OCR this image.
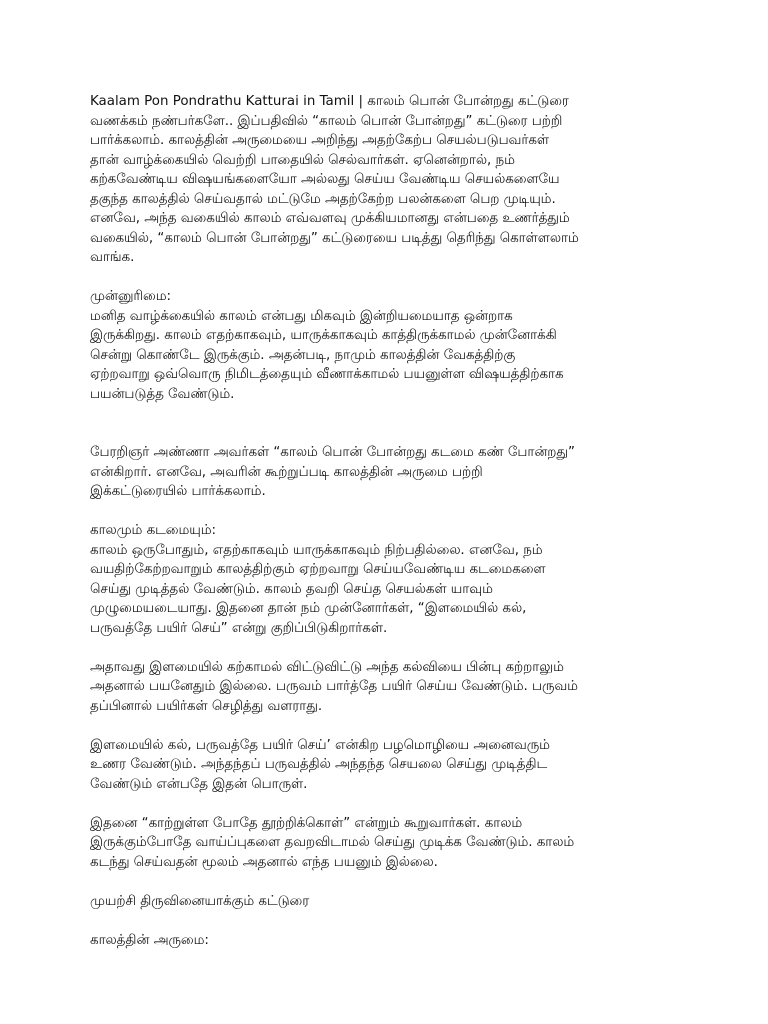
Kaalam Pon Pondrathu Katturai in Tamil | காலம் பொன் போன்றது கட்டுரை
வணக்கம் நண்பர்களே.. இப்பதிவில் “காலம் பொன் போன்றது” கட்டுரை பற்றி
பார்க்கலாம். காலத்தின் அருமையை அறிந்து அதற்கேற்ப செயல்படுபவர்கள்
தான் வாழ்க்கையில் வெற்றி பாதையில் செல்வார்கள். ஏனென்றால், நம்
கற்கவேண்டிய விஷயங்களையோ அல்லது செய்ய வேண்டிய செயல்களையே
தகுந்த காலத்தில் செய்வதால் மட்டுமே அதற்கேற்ற பலன்களை பெற முடியும்.
எனவே, அந்த வகையில் காலம் எவ்வளவு முக்கியமானது என்பதை உணர்த்தும்
வகையில், “காலம் பொன் போன்றது” கட்டுரையை படித்து தெரிந்து கொள்ளலாம்
வாங்க.
முன்னுரிமை:
மனித வாழ்க்கையில் காலம் என்பது மிகவும் இன்றியமையாத ஒன்றாக
இருக்கிறது. காலம் எதற்காகவும், யாருக்காகவும் காத்திருக்காமல் முன்னோக்கி
சென்று கொண்டே இருக்கும். அதன்படி, நாமும் காலத்தின் வேகத்திற்கு
ஏற்றவாறு ஒவ்வொரு நிமிடத்தையும் வீணாக்காமல் பயனுள்ள விஷயத்திற்காக
பயன்படுத்த வேண்டும்.
பேரறிஞர் அண்ணா அவர்கள் “காலம் பொன் போன்றது கடமை கண் போன்றது”
என்கிறார். எனவே, அவரின் கூற்றுப்படி காலத்தின் அருமை பற்றி
இக்கட்டுரையில் பார்க்கலாம்.
காலமும் கடமையும்:
காலம் ஒருபோதும், எதற்காகவும் யாருக்காகவும் நிற்பதில்லை. எனவே, நம்
வயதிற்கேற்றவாறும் காலத்திற்கும் ஏற்றவாறு செய்யவேண்டிய கடமைகளை
செய்து முடித்தல் வேண்டும். காலம் தவறி செய்த செயல்கள் யாவும்
முழுமையடையாது. இதனை தான் நம் முன்னோர்கள், “இளமையில் கல்,
பருவத்தே பயிர் செய்” என்று குறிப்பிடுகிறார்கள்.
அதாவது இளமையில் கற்காமல் விட்டுவிட்டு அந்த கல்வியை பின்பு கற்றாலும்
அதனால் பயனேதும் இல்லை. பருவம் பார்த்தே பயிர் செய்ய வேண்டும். பருவம்
தப்பினால் பயிர்கள் செழித்து வளராது.
இளமையில் கல், பருவத்தே பயிர் செய்’ என்கிற பழமொழியை அனைவரும்
உணர வேண்டும். அந்தந்தப் பருவத்தில் அந்தந்த செயலை செய்து முடித்திட
வேண்டும் என்பதே இதன் பொருள்.
இதனை “காற்றுள்ள போதே தூற்றிக்கொள்” என்றும் கூறுவார்கள். காலம்
இருக்கும்போதே வாய்ப்புகளை தவறவிடாமல் செய்து முடிக்க வேண்டும். காலம்
கடந்து செய்வதன் மூலம் அதனால் எந்த பயனும் இல்லை.
முயற்சி திருவினையாக்கும் கட்டுரை
காலத்தின் அருமை:
